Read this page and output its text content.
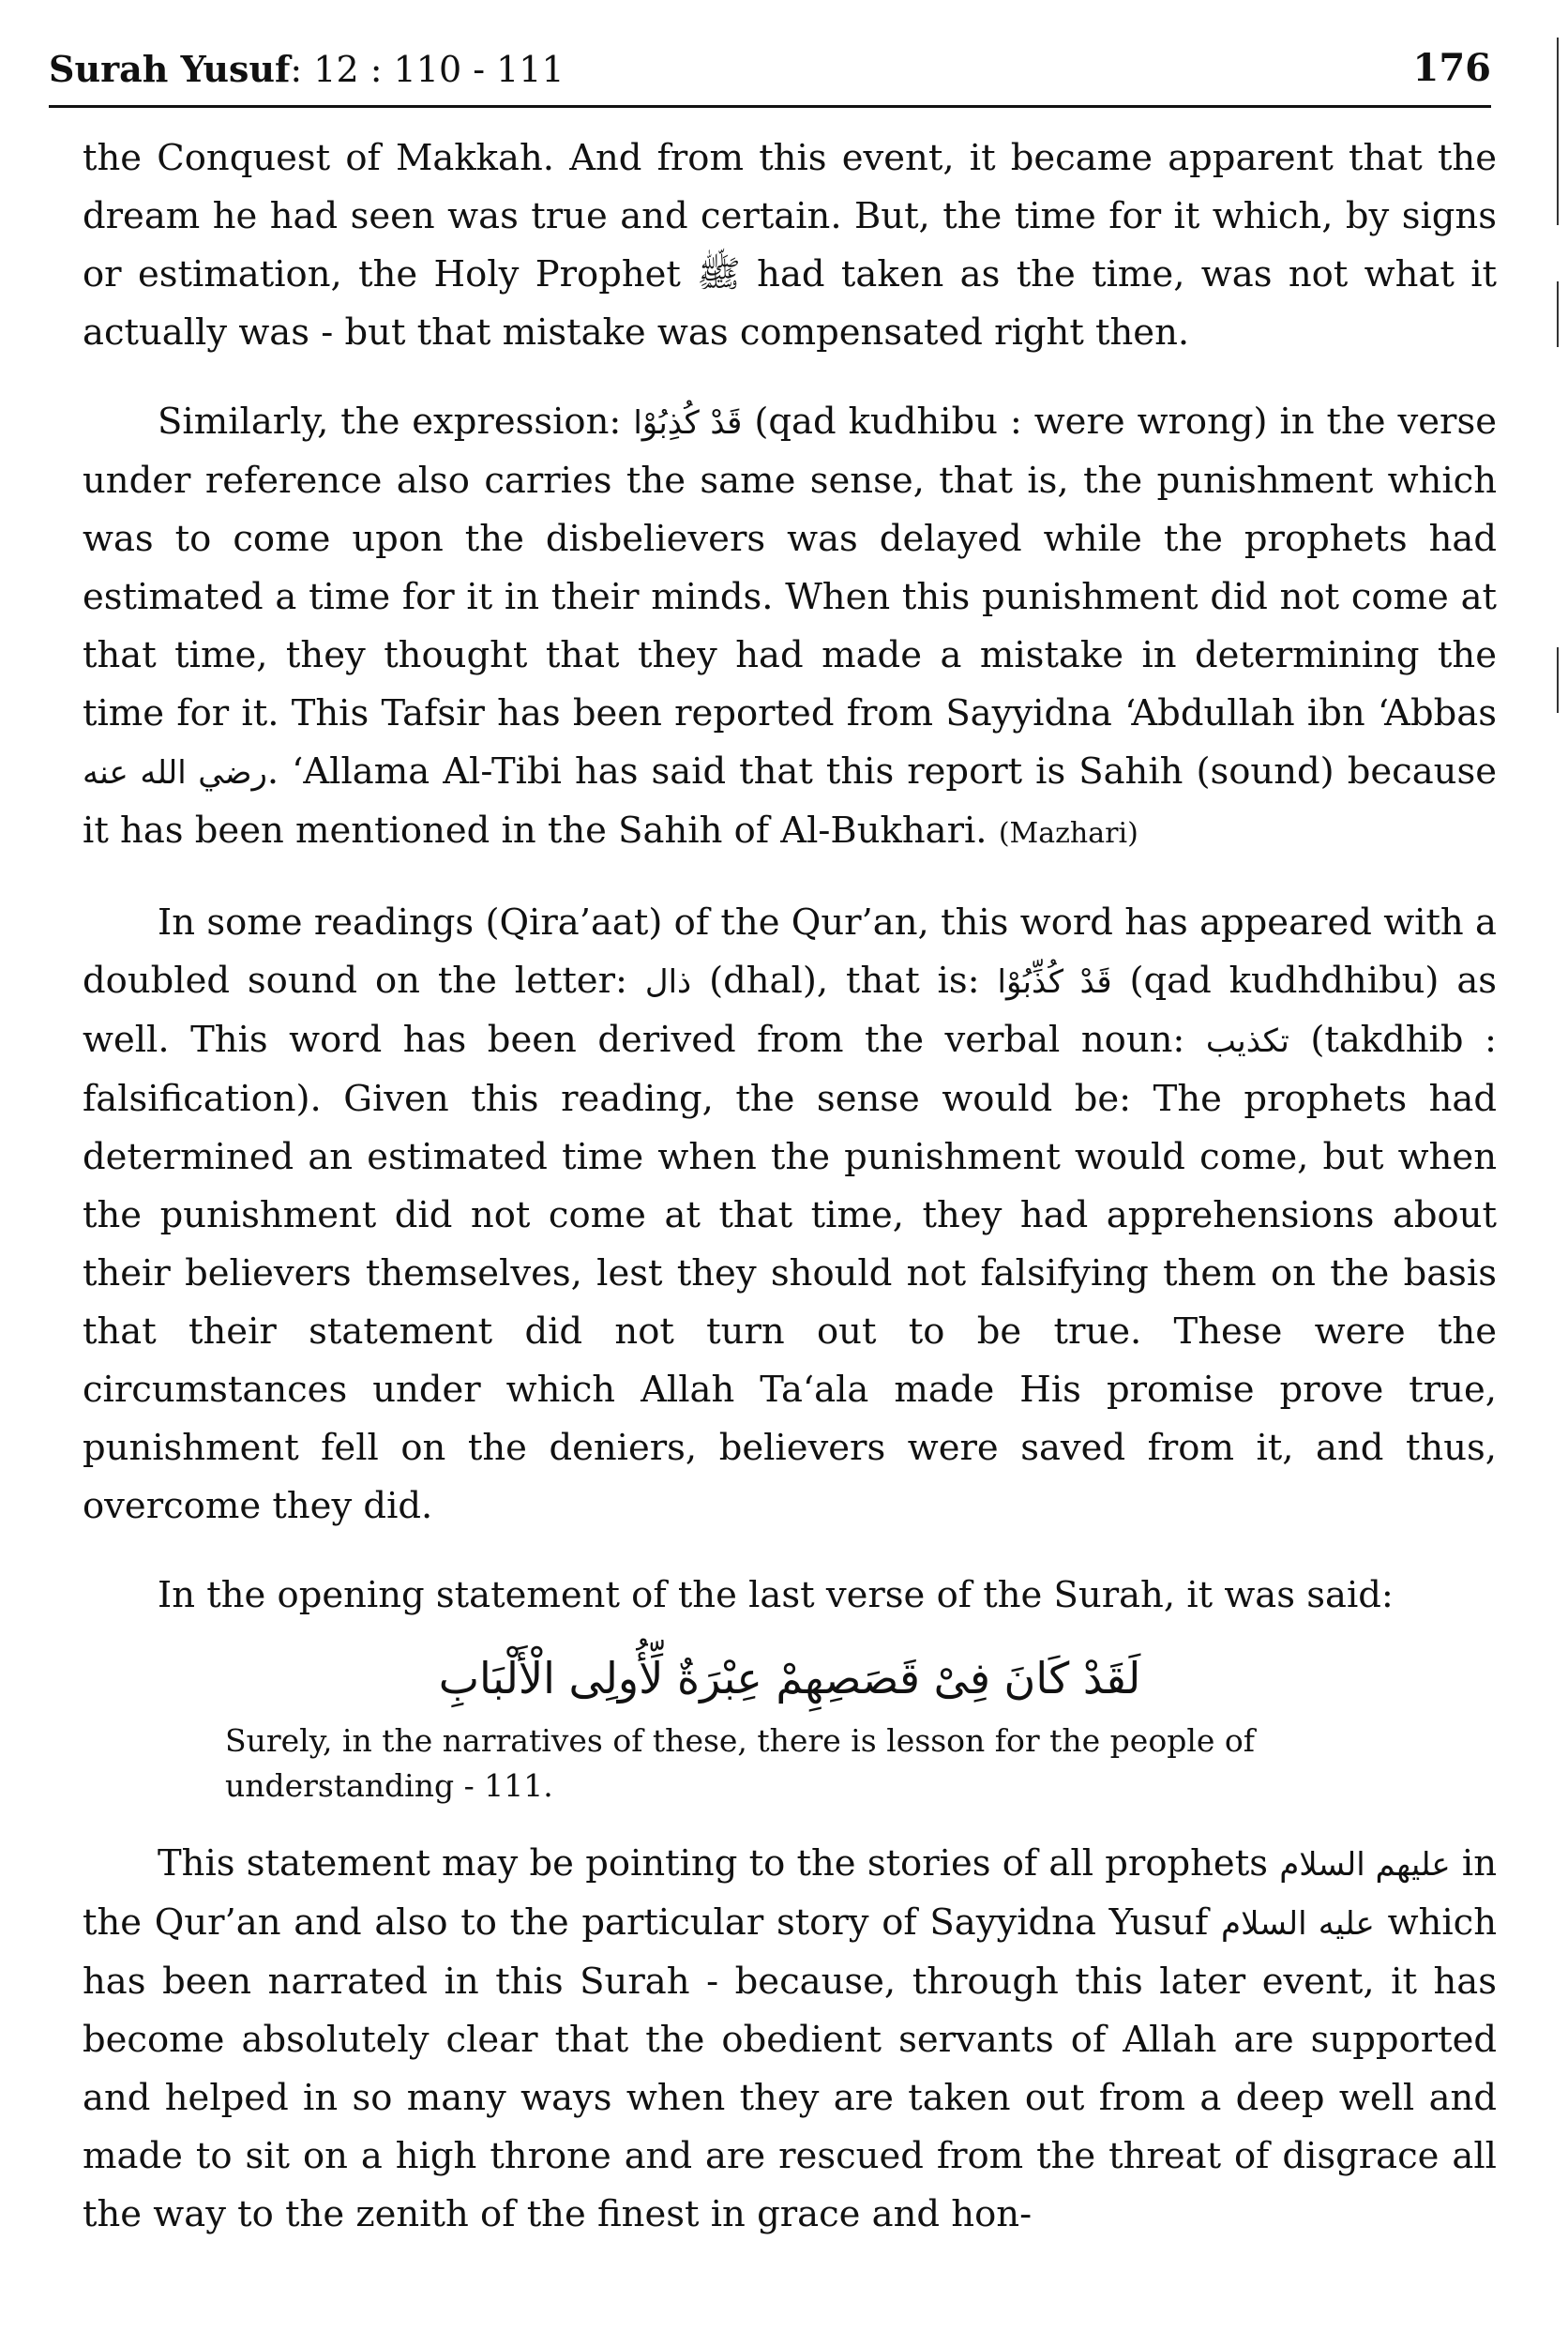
Surah Yusuf: 12 : 110 - 111	176

the Conquest of Makkah. And from this event, it became apparent that the dream he had seen was true and certain. But, the time for it which, by signs or estimation, the Holy Prophet ﷺ had taken as the time, was not what it actually was - but that mistake was compensated right then.

Similarly, the expression: قَدْ كُذِبُوْا (qad kudhibu : were wrong) in the verse under reference also carries the same sense, that is, the punishment which was to come upon the disbelievers was delayed while the prophets had estimated a time for it in their minds. When this punishment did not come at that time, they thought that they had made a mistake in determining the time for it. This Tafsir has been reported from Sayyidna ‘Abdullah ibn ‘Abbas رضي الله عنه. ‘Allama Al-Tibi has said that this report is Sahih (sound) because it has been mentioned in the Sahih of Al-Bukhari. (Mazhari)

In some readings (Qira’aat) of the Qur’an, this word has appeared with a doubled sound on the letter: ذال (dhal), that is: قَدْ كُذِّبُوْا (qad kudhdhibu) as well. This word has been derived from the verbal noun: تكذيب (takdhib : falsification). Given this reading, the sense would be: The prophets had determined an estimated time when the punishment would come, but when the punishment did not come at that time, they had apprehensions about their believers themselves, lest they should not falsifying them on the basis that their statement did not turn out to be true. These were the circumstances under which Allah Ta‘ala made His promise prove true, punishment fell on the deniers, believers were saved from it, and thus, overcome they did.

In the opening statement of the last verse of the Surah, it was said:

لَقَدْ كَانَ فِىْ قَصَصِهِمْ عِبْرَةٌ لِّأُولِى الْأَلْبَابِ
Surely, in the narratives of these, there is lesson for the people of understanding - 111.

This statement may be pointing to the stories of all prophets عليهم السلام in the Qur’an and also to the particular story of Sayyidna Yusuf عليه السلام which has been narrated in this Surah - because, through this later event, it has become absolutely clear that the obedient servants of Allah are supported and helped in so many ways when they are taken out from a deep well and made to sit on a high throne and are rescued from the threat of disgrace all the way to the zenith of the finest in grace and hon-
